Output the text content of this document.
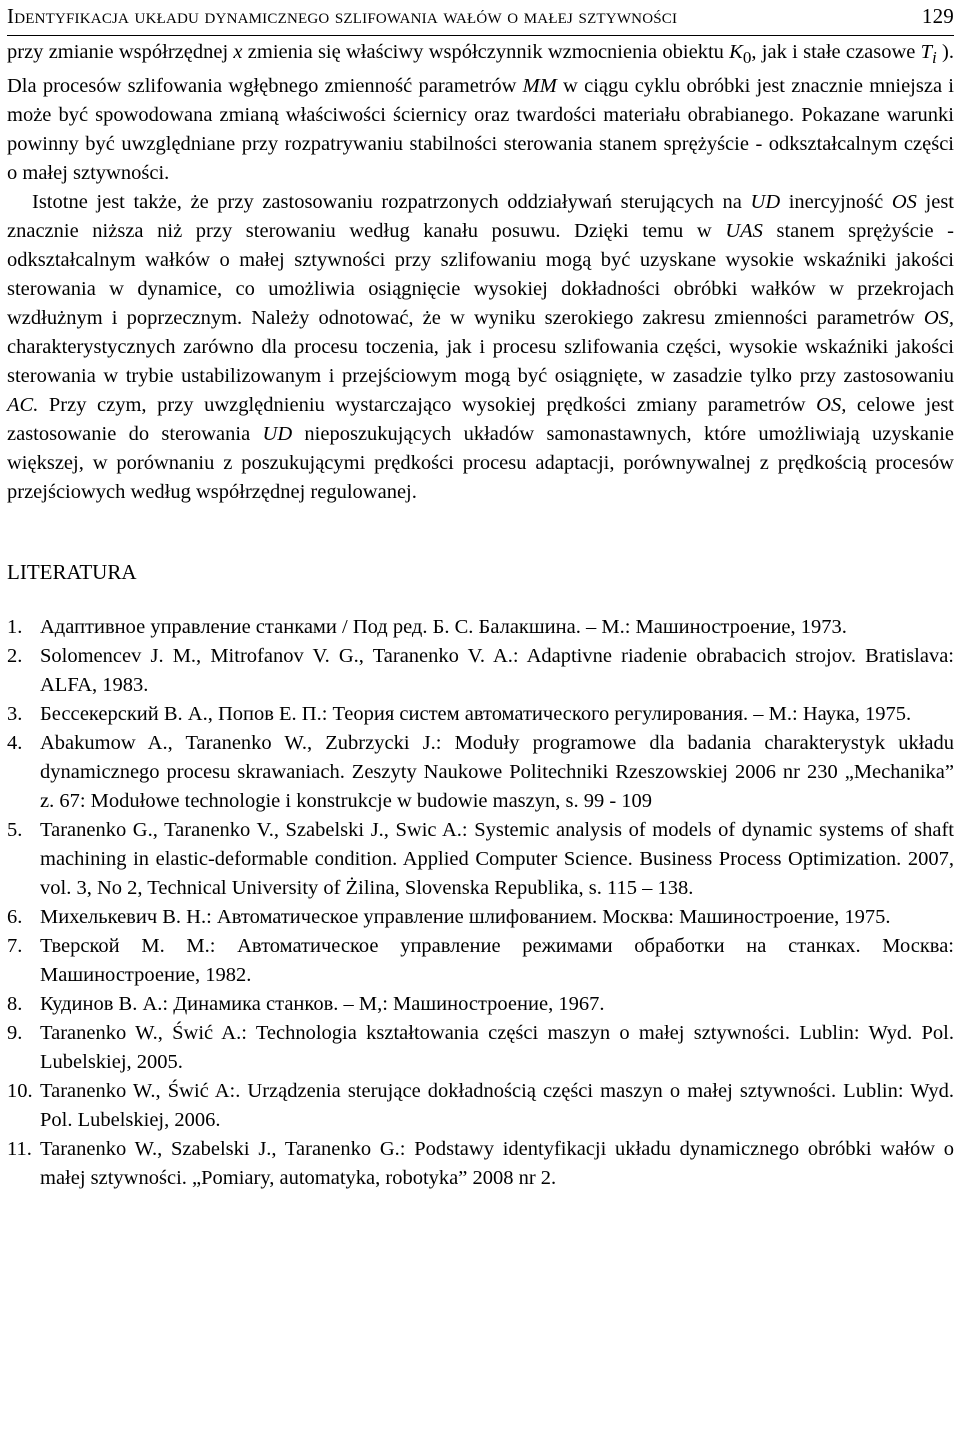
Identyfikacja układu dynamicznego szlifowania wałów o małej sztywności	129

przy zmianie współrzędnej x zmienia się właściwy współczynnik wzmocnienia obiektu $K_0$, jak i stałe czasowe $T_i$ ). Dla procesów szlifowania wgłębnego zmienność parametrów MM w ciągu cyklu obróbki jest znacznie mniejsza i może być spowodowana zmianą właściwości ściernicy oraz twardości materiału obrabianego. Pokazane warunki powinny być uwzględniane przy rozpatrywaniu stabilności sterowania stanem sprężyście - odkształcalnym części o małej sztywności.

Istotne jest także, że przy zastosowaniu rozpatrzonych oddziaływań sterujących na UD inercyjność OS jest znacznie niższa niż przy sterowaniu według kanału posuwu. Dzięki temu w UAS stanem sprężyście - odkształcalnym wałków o małej sztywności przy szlifowaniu mogą być uzyskane wysokie wskaźniki jakości sterowania w dynamice, co umożliwia osiągnięcie wysokiej dokładności obróbki wałków w przekrojach wzdłużnym i poprzecznym. Należy odnotować, że w wyniku szerokiego zakresu zmienności parametrów OS, charakterystycznych zarówno dla procesu toczenia, jak i procesu szlifowania części, wysokie wskaźniki jakości sterowania w trybie ustabilizowanym i przejściowym mogą być osiągnięte, w zasadzie tylko przy zastosowaniu AC. Przy czym, przy uwzględnieniu wystarczająco wysokiej prędkości zmiany parametrów OS, celowe jest zastosowanie do sterowania UD nieposzukujących układów samonastawnych, które umożliwiają uzyskanie większej, w porównaniu z poszukującymi prędkości procesu adaptacji, porównywalnej z prędkością procesów przejściowych według współrzędnej regulowanej.

LITERATURA
1. Адаптивное управление станками / Под ред. Б. С. Балакшина. – М.: Машиностроение, 1973.
2. Solomencev J. M., Mitrofanov V. G., Taranenko V. A.: Adaptivne riadenie obrabacich strojov. Bratislava: ALFA, 1983.
3. Бессекерский В. А., Попов Е. П.: Теория систем автоматического регулирования. – М.: Наука, 1975.
4. Abakumow A., Taranenko W., Zubrzycki J.: Moduły programowe dla badania charakterystyk układu dynamicznego procesu skrawaniach. Zeszyty Naukowe Politechniki Rzeszowskiej 2006 nr 230 „Mechanika” z. 67: Modułowe technologie i konstrukcje w budowie maszyn, s. 99 - 109
5. Taranenko G., Taranenko V., Szabelski J., Swic A.: Systemic analysis of models of dynamic systems of shaft machining in elastic-deformable condition. Applied Computer Science. Business Process Optimization. 2007, vol. 3, No 2, Technical University of Żilina, Slovenska Republika, s. 115 – 138.
6. Михелькевич В. Н.: Автоматическое управление шлифованием. Москва: Машиностроение, 1975.
7. Тверской М. М.: Автоматическое управление режимами обработки на станках. Москва: Машиностроение, 1982.
8. Кудинов В. А.: Динамика станков. – М,: Машиностроение, 1967.
9. Taranenko W., Świć A.: Technologia kształtowania części maszyn o małej sztywności. Lublin: Wyd. Pol. Lubelskiej, 2005.
10. Taranenko W., Świć A:. Urządzenia sterujące dokładnością części maszyn o małej sztywności. Lublin: Wyd. Pol. Lubelskiej, 2006.
11. Taranenko W., Szabelski J., Taranenko G.: Podstawy identyfikacji układu dynamicznego obróbki wałów o małej sztywności. „Pomiary, automatyka, robotyka” 2008 nr 2.
